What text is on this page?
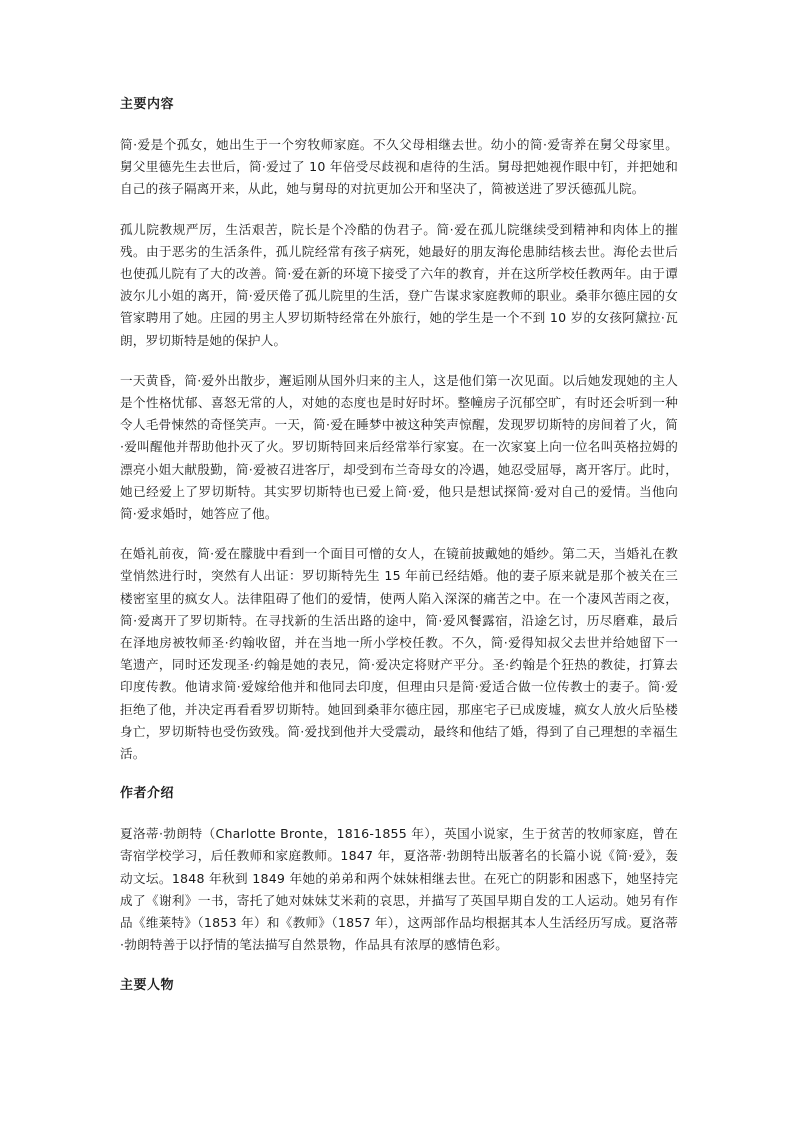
主要内容

简·爱是个孤女，她出生于一个穷牧师家庭。不久父母相继去世。幼小的简·爱寄养在舅父母家里。舅父里德先生去世后，简·爱过了 10 年倍受尽歧视和虐待的生活。舅母把她视作眼中钉，并把她和自己的孩子隔离开来，从此，她与舅母的对抗更加公开和坚决了，简被送进了罗沃德孤儿院。

孤儿院教规严厉，生活艰苦，院长是个冷酷的伪君子。简·爱在孤儿院继续受到精神和肉体上的摧残。由于恶劣的生活条件，孤儿院经常有孩子病死，她最好的朋友海伦患肺结核去世。海伦去世后也使孤儿院有了大的改善。简·爱在新的环境下接受了六年的教育，并在这所学校任教两年。由于谭波尔儿小姐的离开，简·爱厌倦了孤儿院里的生活，登广告谋求家庭教师的职业。桑菲尔德庄园的女管家聘用了她。庄园的男主人罗切斯特经常在外旅行，她的学生是一个不到 10 岁的女孩阿黛拉·瓦朗，罗切斯特是她的保护人。

一天黄昏，简·爱外出散步，邂逅刚从国外归来的主人，这是他们第一次见面。以后她发现她的主人是个性格忧郁、喜怒无常的人，对她的态度也是时好时坏。整幢房子沉郁空旷，有时还会听到一种令人毛骨悚然的奇怪笑声。一天，简·爱在睡梦中被这种笑声惊醒，发现罗切斯特的房间着了火，简·爱叫醒他并帮助他扑灭了火。罗切斯特回来后经常举行家宴。在一次家宴上向一位名叫英格拉姆的漂亮小姐大献殷勤，简·爱被召进客厅，却受到布兰奇母女的冷遇，她忍受屈辱，离开客厅。此时，她已经爱上了罗切斯特。其实罗切斯特也已爱上简·爱，他只是想试探简·爱对自己的爱情。当他向简·爱求婚时，她答应了他。

在婚礼前夜，简·爱在朦胧中看到一个面目可憎的女人，在镜前披戴她的婚纱。第二天，当婚礼在教堂悄然进行时，突然有人出证：罗切斯特先生 15 年前已经结婚。他的妻子原来就是那个被关在三楼密室里的疯女人。法律阻碍了他们的爱情，使两人陷入深深的痛苦之中。在一个凄风苦雨之夜，简·爱离开了罗切斯特。在寻找新的生活出路的途中，简·爱风餐露宿，沿途乞讨，历尽磨难，最后在泽地房被牧师圣·约翰收留，并在当地一所小学校任教。不久，简·爱得知叔父去世并给她留下一笔遗产，同时还发现圣·约翰是她的表兄，简·爱决定将财产平分。圣·约翰是个狂热的教徒，打算去印度传教。他请求简·爱嫁给他并和他同去印度，但理由只是简·爱适合做一位传教士的妻子。简·爱拒绝了他，并决定再看看罗切斯特。她回到桑菲尔德庄园，那座宅子已成废墟，疯女人放火后坠楼身亡，罗切斯特也受伤致残。简·爱找到他并大受震动，最终和他结了婚，得到了自己理想的幸福生活。

作者介绍

夏洛蒂·勃朗特（Charlotte Bronte，1816-1855 年），英国小说家，生于贫苦的牧师家庭，曾在寄宿学校学习，后任教师和家庭教师。1847 年，夏洛蒂·勃朗特出版著名的长篇小说《简·爱》，轰动文坛。1848 年秋到 1849 年她的弟弟和两个妹妹相继去世。在死亡的阴影和困惑下，她坚持完成了《谢利》一书，寄托了她对妹妹艾米莉的哀思，并描写了英国早期自发的工人运动。她另有作品《维莱特》（1853 年）和《教师》（1857 年），这两部作品均根据其本人生活经历写成。夏洛蒂·勃朗特善于以抒情的笔法描写自然景物，作品具有浓厚的感情色彩。

主要人物
